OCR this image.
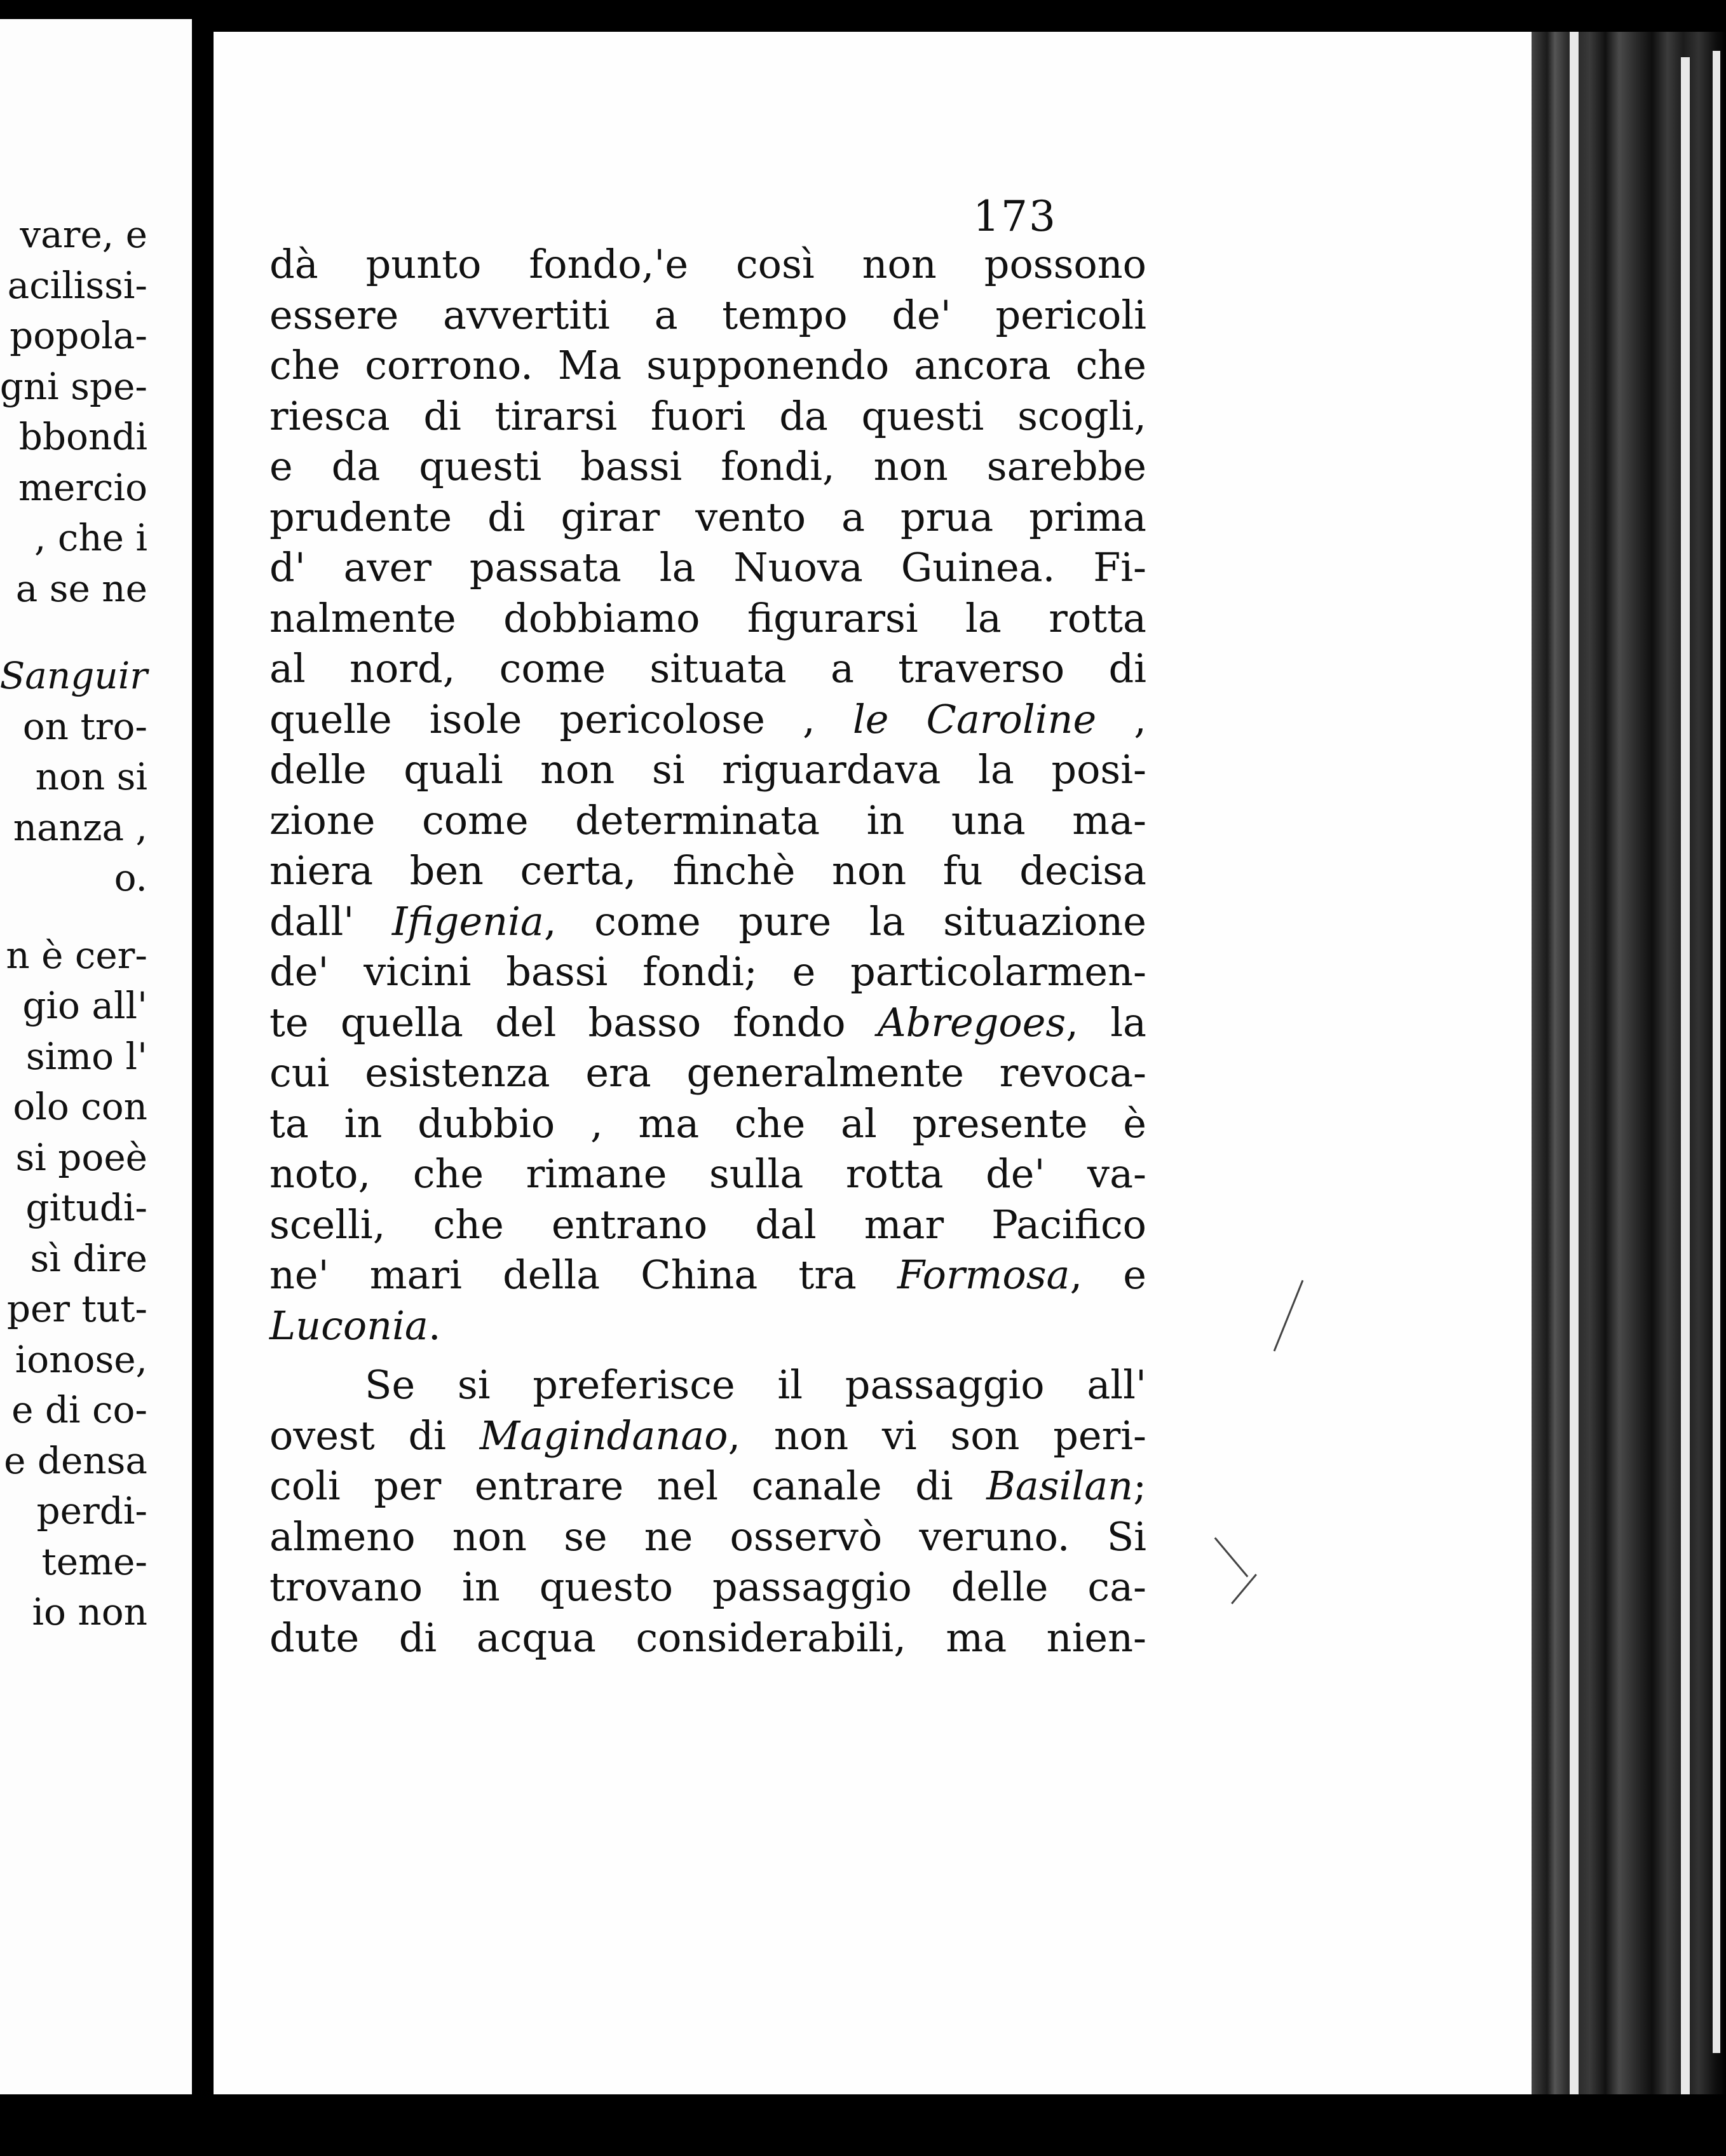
vare, e
acilissi-
popola-
gni spe-
bbondi
mercio
, che i
a se ne
Sanguir
on tro-
non si
nanza ,
o.
n è cer-
gio all'
simo l'
olo con
si poeè
gitudi-
sì dire
per tut-
ionose,
e di co-
e densa
perdi-
teme-
io non
173
dà punto fondo,'e così non possono
essere avvertiti a tempo de' pericoli
che corrono. Ma supponendo ancora che
riesca di tirarsi fuori da questi scogli,
e da questi bassi fondi, non sarebbe
prudente di girar vento a prua prima
d' aver passata la Nuova Guinea. Fi-
nalmente dobbiamo figurarsi la rotta
al nord, come situata a traverso di
quelle isole pericolose , le Caroline ,
delle quali non si riguardava la posi-
zione come determinata in una ma-
niera ben certa, finchè non fu decisa
dall' Ifigenia, come pure la situazione
de' vicini bassi fondi; e particolarmen-
te quella del basso fondo Abregoes, la
cui esistenza era generalmente revoca-
ta in dubbio , ma che al presente è
noto, che rimane sulla rotta de' va-
scelli, che entrano dal mar Pacifico
ne' mari della China tra Formosa, e
Luconia.
Se si preferisce il passaggio all'
ovest di Magindanao, non vi son peri-
coli per entrare nel canale di Basilan;
almeno non se ne osservò veruno. Si
trovano in questo passaggio delle ca-
dute di acqua considerabili, ma nien-
